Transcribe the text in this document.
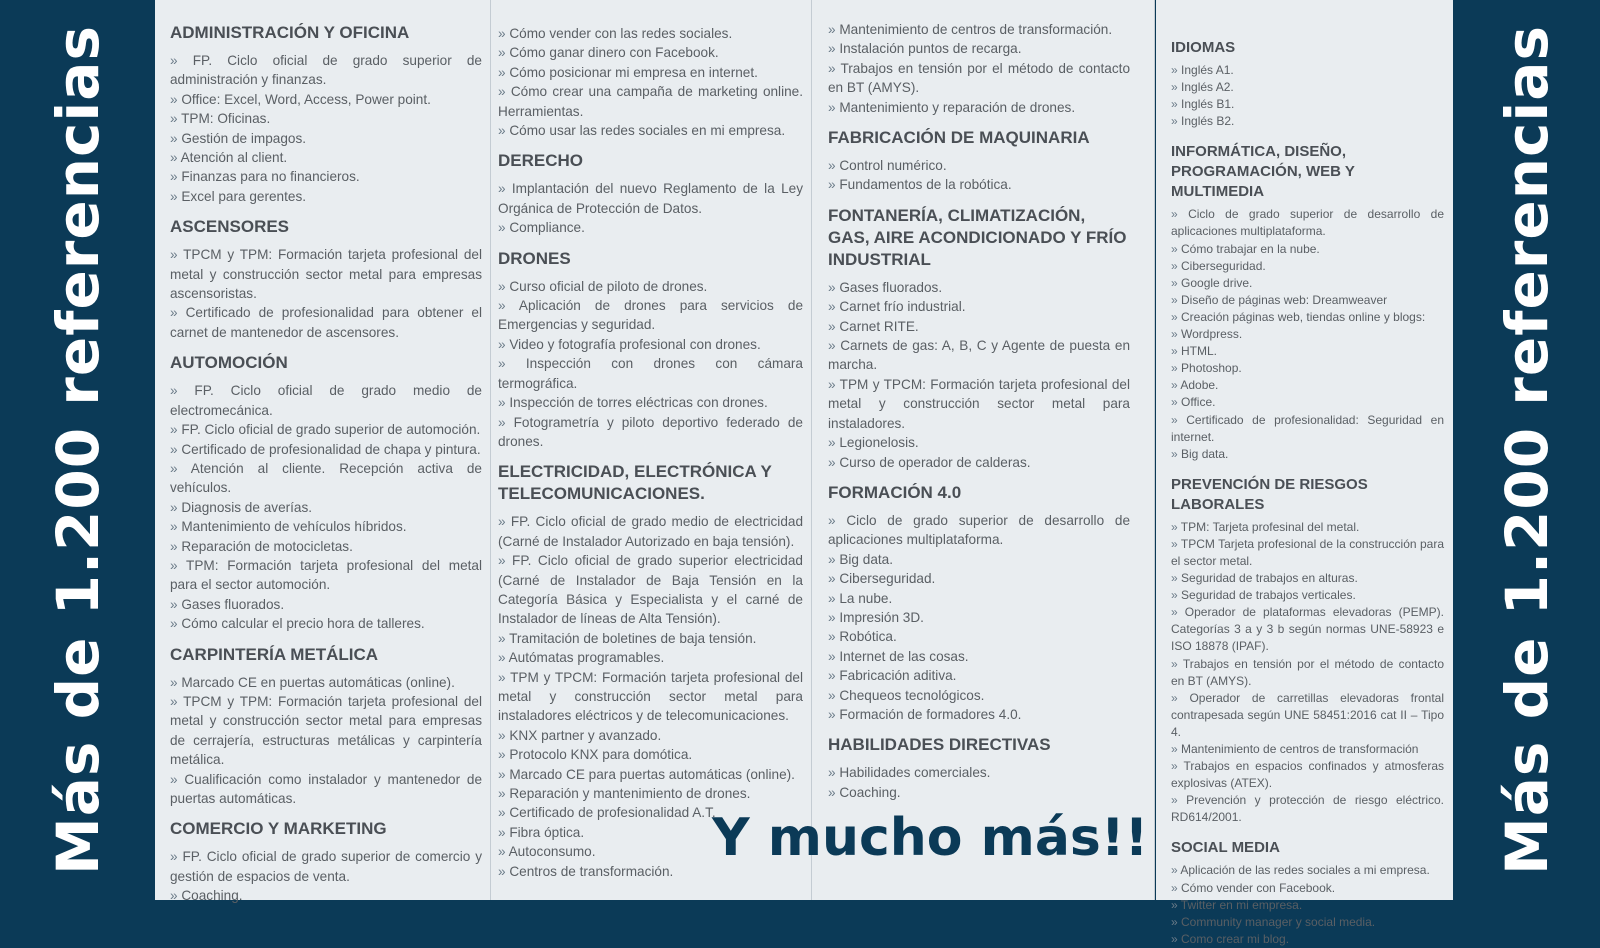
Más de 1.200 referencias	ADMINISTRACIÓN Y OFICINA
» FP. Ciclo oficial de grado superior de administración y finanzas.
» Office: Excel, Word, Access, Power point.
» TPM: Oficinas.
» Gestión de impagos.
» Atención al client.
» Finanzas para no financieros.
» Excel para gerentes.
ASCENSORES
» TPCM y TPM: Formación tarjeta profesional del metal y construcción sector metal para empresas ascensoristas.
» Certificado de profesionalidad para obtener el carnet de mantenedor de ascensores.
AUTOMOCIÓN
» FP. Ciclo oficial de grado medio de electromecánica.
» FP. Ciclo oficial de grado superior de automoción.
» Certificado de profesionalidad de chapa y pintura.
» Atención al cliente. Recepción activa de vehículos.
» Diagnosis de averías.
» Mantenimiento de vehículos híbridos.
» Reparación de motocicletas.
» TPM: Formación tarjeta profesional del metal para el sector automoción.
» Gases fluorados.
» Cómo calcular el precio hora de talleres.
CARPINTERÍA METÁLICA
» Marcado CE en puertas automáticas (online).
» TPCM y TPM: Formación tarjeta profesional del metal y construcción sector metal para empresas de cerrajería, estructuras metálicas y carpintería metálica.
» Cualificación como instalador y mantenedor de puertas automáticas.
COMERCIO Y MARKETING
» FP. Ciclo oficial de grado superior de comercio y gestión de espacios de venta.
» Coaching.
» Cómo vender con las redes sociales.
» Cómo ganar dinero con Facebook.
» Cómo posicionar mi empresa en internet.
» Cómo crear una campaña de marketing online. Herramientas.
» Cómo usar las redes sociales en mi empresa.
DERECHO
» Implantación del nuevo Reglamento de la Ley Orgánica de Protección de Datos.
» Compliance.
DRONES
» Curso oficial de piloto de drones.
» Aplicación de drones para servicios de Emergencias y seguridad.
» Video y fotografía profesional con drones.
» Inspección con drones con cámara termográfica.
» Inspección de torres eléctricas con drones.
» Fotogrametría y piloto deportivo federado de drones.
ELECTRICIDAD, ELECTRÓNICA Y TELECOMUNICACIONES.
» FP. Ciclo oficial de grado medio de electricidad (Carné de Instalador Autorizado en baja tensión).
» FP. Ciclo oficial de grado superior electricidad (Carné de Instalador de Baja Tensión en la Categoría Básica y Especialista y el carné de Instalador de líneas de Alta Tensión).
» Tramitación de boletines de baja tensión.
» Autómatas programables.
» TPM y TPCM: Formación tarjeta profesional del metal y construcción sector metal para instaladores eléctricos y de telecomunicaciones.
» KNX partner y avanzado.
» Protocolo KNX para domótica.
» Marcado CE para puertas automáticas (online).
» Reparación y mantenimiento de drones.
» Certificado de profesionalidad A.T.
» Fibra óptica.
» Autoconsumo.
» Centros de transformación.
» Mantenimiento de centros de transformación.
» Instalación puntos de recarga.
» Trabajos en tensión por el método de contacto en BT (AMYS).
» Mantenimiento y reparación de drones.
FABRICACIÓN DE MAQUINARIA
» Control numérico.
» Fundamentos de la robótica.
FONTANERÍA, CLIMATIZACIÓN, GAS, AIRE ACONDICIONADO Y FRÍO INDUSTRIAL
» Gases fluorados.
» Carnet frío industrial.
» Carnet RITE.
» Carnets de gas: A, B, C y Agente de puesta en marcha.
» TPM y TPCM: Formación tarjeta profesional del metal y construcción sector metal para instaladores.
» Legionelosis.
» Curso de operador de calderas.
FORMACIÓN 4.0
» Ciclo de grado superior de desarrollo de aplicaciones multiplataforma.
» Big data.
» Ciberseguridad.
» La nube.
» Impresión 3D.
» Robótica.
» Internet de las cosas.
» Fabricación aditiva.
» Chequeos tecnológicos.
» Formación de formadores 4.0.
HABILIDADES DIRECTIVAS
» Habilidades comerciales.
» Coaching.
IDIOMAS
» Inglés A1.
» Inglés A2.
» Inglés B1.
» Inglés B2.
INFORMÁTICA, DISEÑO, PROGRAMACIÓN, WEB Y MULTIMEDIA
» Ciclo de grado superior de desarrollo de aplicaciones multiplataforma.
» Cómo trabajar en la nube.
» Ciberseguridad.
» Google drive.
» Diseño de páginas web: Dreamweaver
» Creación páginas web, tiendas online y blogs:
» Wordpress.
» HTML.
» Photoshop.
» Adobe.
» Office.
» Certificado de profesionalidad: Seguridad en internet.
» Big data.
PREVENCIÓN DE RIESGOS LABORALES
» TPM: Tarjeta profesinal del metal.
» TPCM Tarjeta profesional de la construcción para el sector metal.
» Seguridad de trabajos en alturas.
» Seguridad de trabajos verticales.
» Operador de plataformas elevadoras (PEMP). Categorías 3 a y 3 b según normas UNE-58923 e ISO 18878 (IPAF).
» Trabajos en tensión por el método de contacto en BT (AMYS).
» Operador de carretillas elevadoras frontal contrapesada según UNE 58451:2016 cat II – Tipo 4.
» Mantenimiento de centros de transformación
» Trabajos en espacios confinados y atmosferas explosivas (ATEX).
» Prevención y protección de riesgo eléctrico. RD614/2001.
SOCIAL MEDIA
» Aplicación de las redes sociales a mi empresa.
» Cómo vender con Facebook.
» Twitter en mi empresa.
» Community manager y social media.
» Como crear mi blog.
Más de 1.200 referencias
Y mucho más!!
